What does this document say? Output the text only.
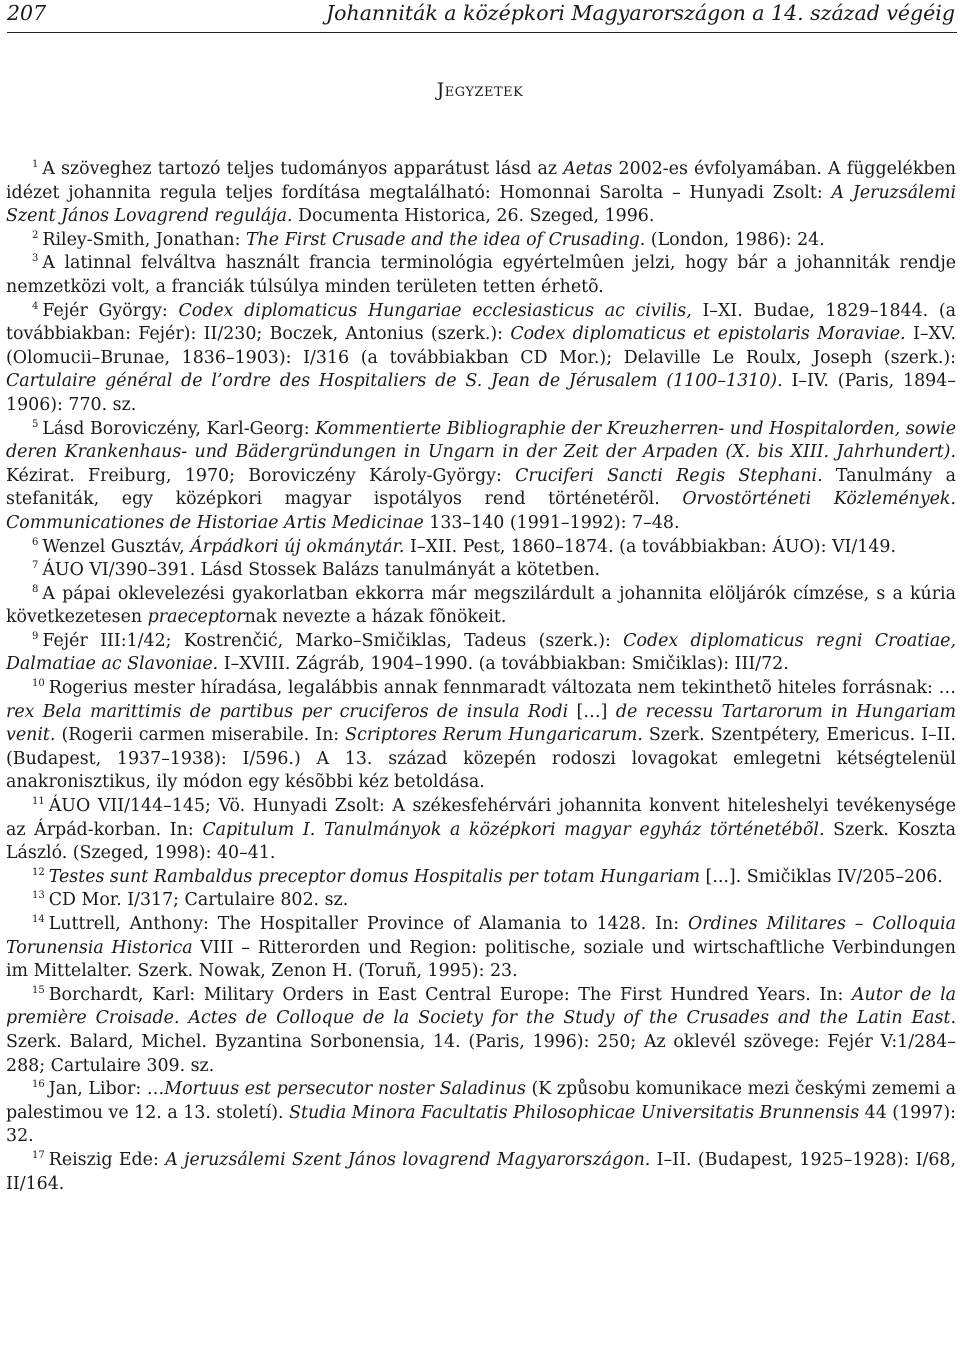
207	Johanniták a középkori Magyarországon a 14. század végéig
Jegyzetek

$^1$ A szöveghez tartozó teljes tudományos apparátust lásd az Aetas 2002-es évfolyamában. A függelékben idézet johannita regula teljes fordítása megtalálható: Homonnai Sarolta – Hunyadi Zsolt: A Jeruzsálemi Szent János Lovagrend regulája. Documenta Historica, 26. Szeged, 1996.

$^2$ Riley-Smith, Jonathan: The First Crusade and the idea of Crusading. (London, 1986): 24.

$^3$ A latinnal felváltva használt francia terminológia egyértelmûen jelzi, hogy bár a johanniták rendje nemzetközi volt, a franciák túlsúlya minden területen tetten érhetõ.

$^4$ Fejér György: Codex diplomaticus Hungariae ecclesiasticus ac civilis, I–XI. Budae, 1829–1844. (a továbbiakban: Fejér): II/230; Boczek, Antonius (szerk.): Codex diplomaticus et epistolaris Moraviae. I–XV. (Olomucii–Brunae, 1836–1903): I/316 (a továbbiakban CD Mor.); Delaville Le Roulx, Joseph (szerk.): Cartulaire général de l’ordre des Hospitaliers de S. Jean de Jérusalem (1100–1310). I–IV. (Paris, 1894–1906): 770. sz.

$^5$ Lásd Boroviczény, Karl-Georg: Kommentierte Bibliographie der Kreuzherren- und Hospitalorden, sowie deren Krankenhaus- und Bädergründungen in Ungarn in der Zeit der Arpaden (X. bis XIII. Jahrhundert). Kézirat. Freiburg, 1970; Boroviczény Károly-György: Cruciferi Sancti Regis Stephani. Tanulmány a stefaniták, egy középkori magyar ispotályos rend történetérõl. Orvostörténeti Közlemények. Communicationes de Historiae Artis Medicinae 133–140 (1991–1992): 7–48.

$^6$ Wenzel Gusztáv, Árpádkori új okmánytár. I–XII. Pest, 1860–1874. (a továbbiakban: ÁUO): VI/149.

$^7$ ÁUO VI/390–391. Lásd Stossek Balázs tanulmányát a kötetben.

$^8$ A pápai oklevelezési gyakorlatban ekkorra már megszilárdult a johannita elöljárók címzése, s a kúria következetesen praeceptornak nevezte a házak fõnökeit.

$^9$ Fejér III:1/42; Kostrenčić, Marko–Smičiklas, Tadeus (szerk.): Codex diplomaticus regni Croatiae, Dalmatiae ac Slavoniae. I–XVIII. Zágráb, 1904–1990. (a továbbiakban: Smičiklas): III/72.

$^{10}$ Rogerius mester híradása, legalábbis annak fennmaradt változata nem tekinthetõ hiteles forrásnak: …rex Bela marittimis de partibus per cruciferos de insula Rodi […] de recessu Tartarorum in Hungariam venit. (Rogerii carmen miserabile. In: Scriptores Rerum Hungaricarum. Szerk. Szentpétery, Emericus. I–II. (Budapest, 1937–1938): I/596.) A 13. század közepén rodoszi lovagokat emlegetni kétségtelenül anakronisztikus, ily módon egy késõbbi kéz betoldása.

$^{11}$ ÁUO VII/144–145; Vö. Hunyadi Zsolt: A székesfehérvári johannita konvent hiteleshelyi tevékenysége az Árpád-korban. In: Capitulum I. Tanulmányok a középkori magyar egyház történetébõl. Szerk. Koszta László. (Szeged, 1998): 40–41.

$^{12}$ Testes sunt Rambaldus preceptor domus Hospitalis per totam Hungariam [...]. Smičiklas IV/205–206.

$^{13}$ CD Mor. I/317; Cartulaire 802. sz.

$^{14}$ Luttrell, Anthony: The Hospitaller Province of Alamania to 1428. In: Ordines Militares – Colloquia Torunensia Historica VIII – Ritterorden und Region: politische, soziale und wirtschaftliche Verbindungen im Mittelalter. Szerk. Nowak, Zenon H. (Toruñ, 1995): 23.

$^{15}$ Borchardt, Karl: Military Orders in East Central Europe: The First Hundred Years. In: Autor de la première Croisade. Actes de Colloque de la Society for the Study of the Crusades and the Latin East. Szerk. Balard, Michel. Byzantina Sorbonensia, 14. (Paris, 1996): 250; Az oklevél szövege: Fejér V:1/284–288; Cartulaire 309. sz.

$^{16}$ Jan, Libor: …Mortuus est persecutor noster Saladinus (K způsobu komunikace mezi českými zememi a palestimou ve 12. a 13. století). Studia Minora Facultatis Philosophicae Universitatis Brunnensis 44 (1997): 32.

$^{17}$ Reiszig Ede: A jeruzsálemi Szent János lovagrend Magyarországon. I–II. (Budapest, 1925–1928): I/68, II/164.
